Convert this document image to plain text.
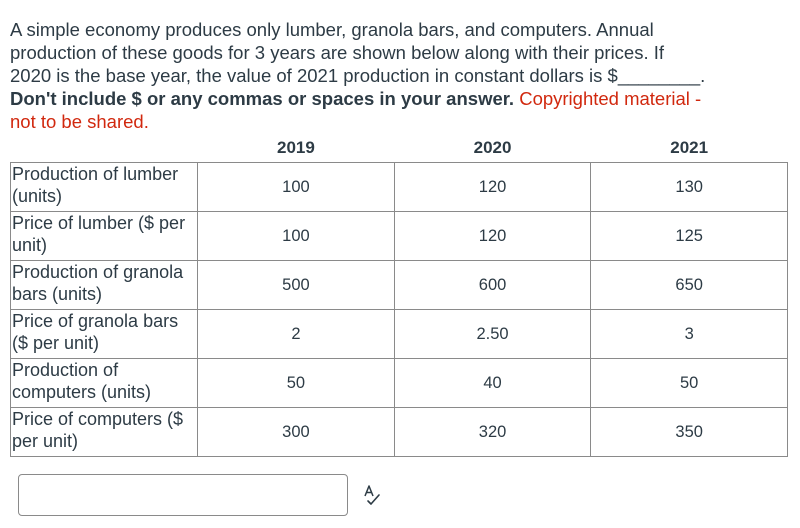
A simple economy produces only lumber, granola bars, and computers. Annual production of these goods for 3 years are shown below along with their prices. If 2020 is the base year, the value of 2021 production in constant dollars is $________. Don't include $ or any commas or spaces in your answer. Copyrighted material - not to be shared.
	2019	2020	2021
Production of lumber (units)	100	120	130
Price of lumber ($ per unit)	100	120	125
Production of granola bars (units)	500	600	650
Price of granola bars ($ per unit)	2	2.50	3
Production of computers (units)	50	40	50
Price of computers ($ per unit)	300	320	350
